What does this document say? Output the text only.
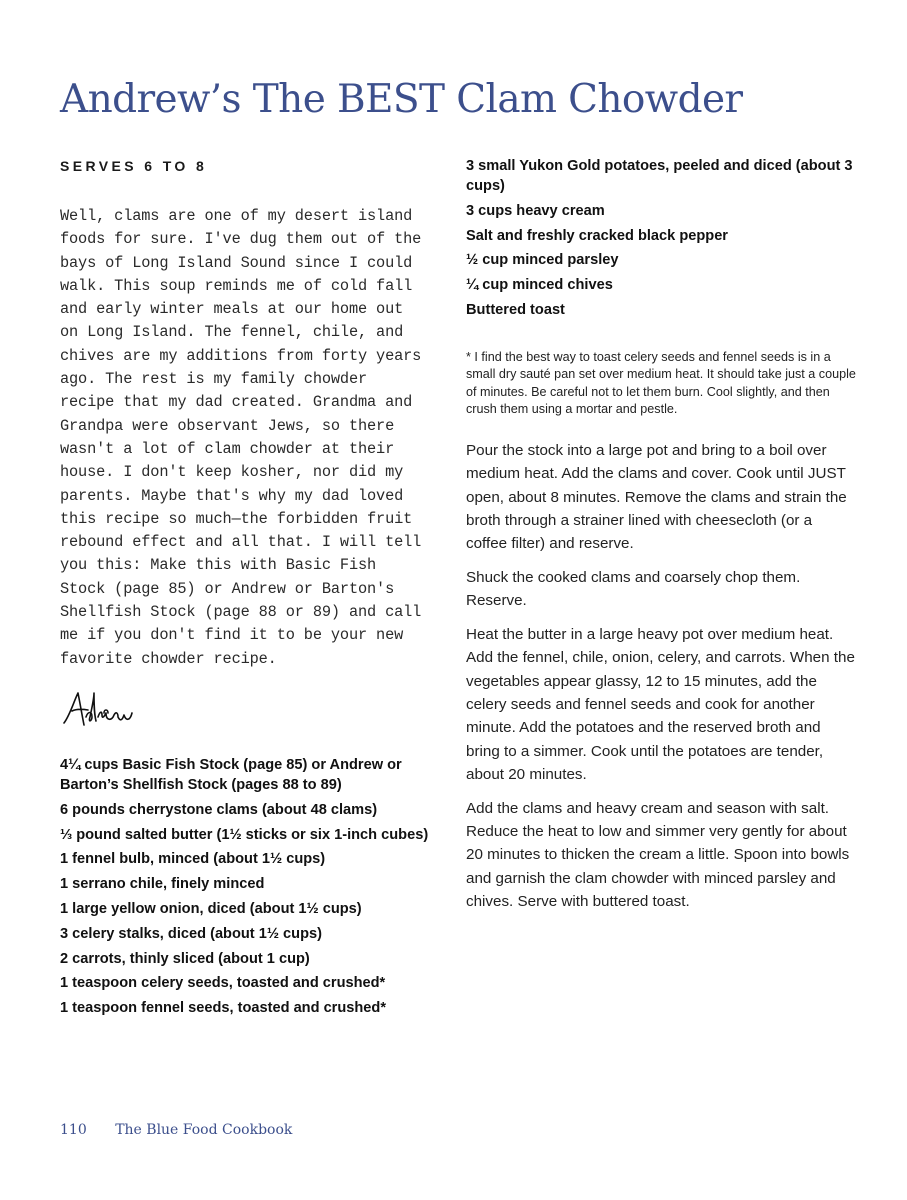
Andrew’s The BEST Clam Chowder

SERVES 6 TO 8

Well, clams are one of my desert island foods for sure. I've dug them out of the bays of Long Island Sound since I could walk. This soup reminds me of cold fall and early winter meals at our home out on Long Island. The fennel, chile, and chives are my additions from forty years ago. The rest is my family chowder recipe that my dad created. Grandma and Grandpa were observant Jews, so there wasn't a lot of clam chowder at their house. I don't keep kosher, nor did my parents. Maybe that's why my dad loved this recipe so much—the forbidden fruit rebound effect and all that. I will tell you this: Make this with Basic Fish Stock (page 85) or Andrew or Barton's Shellfish Stock (page 88 or 89) and call me if you don't find it to be your new favorite chowder recipe.

4¼ cups Basic Fish Stock (page 85) or Andrew or Barton’s Shellfish Stock (pages 88 to 89)
6 pounds cherrystone clams (about 48 clams)
⅓ pound salted butter (1½ sticks or six 1-inch cubes)
1 fennel bulb, minced (about 1½ cups)
1 serrano chile, finely minced
1 large yellow onion, diced (about 1½ cups)
3 celery stalks, diced (about 1½ cups)
2 carrots, thinly sliced (about 1 cup)
1 teaspoon celery seeds, toasted and crushed*
1 teaspoon fennel seeds, toasted and crushed*
3 small Yukon Gold potatoes, peeled and diced (about 3 cups)
3 cups heavy cream
Salt and freshly cracked black pepper
½ cup minced parsley
¼ cup minced chives
Buttered toast

* I find the best way to toast celery seeds and fennel seeds is in a small dry sauté pan set over medium heat. It should take just a couple of minutes. Be careful not to let them burn. Cool slightly, and then crush them using a mortar and pestle.

Pour the stock into a large pot and bring to a boil over medium heat. Add the clams and cover. Cook until JUST open, about 8 minutes. Remove the clams and strain the broth through a strainer lined with cheesecloth (or a coffee filter) and reserve.

Shuck the cooked clams and coarsely chop them. Reserve.

Heat the butter in a large heavy pot over medium heat. Add the fennel, chile, onion, celery, and carrots. When the vegetables appear glassy, 12 to 15 minutes, add the celery seeds and fennel seeds and cook for another minute. Add the potatoes and the reserved broth and bring to a simmer. Cook until the potatoes are tender, about 20 minutes.

Add the clams and heavy cream and season with salt. Reduce the heat to low and simmer very gently for about 20 minutes to thicken the cream a little. Spoon into bowls and garnish the clam chowder with minced parsley and chives. Serve with buttered toast.

110 The Blue Food Cookbook
